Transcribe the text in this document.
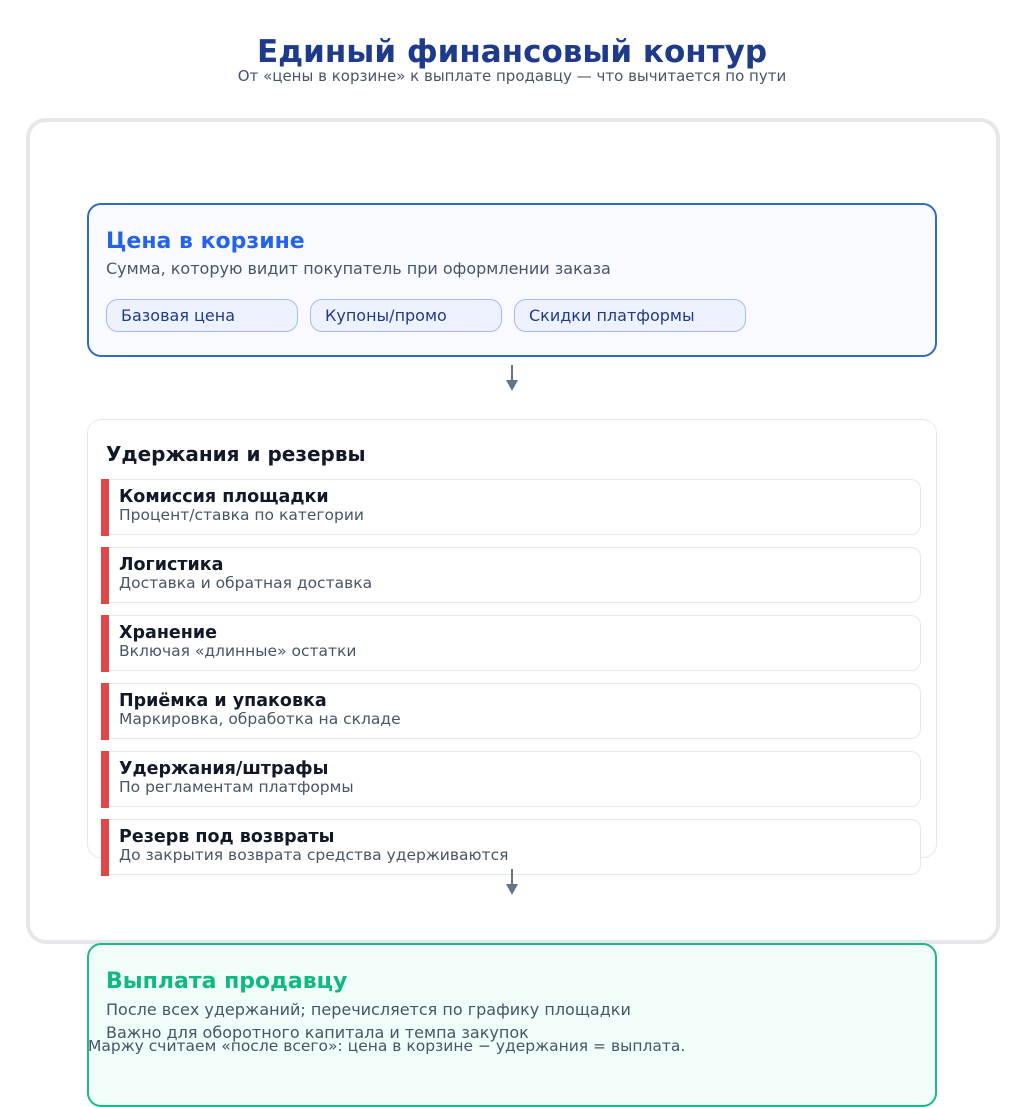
Единый финансовый контур
От «цены в корзине» к выплате продавцу — что вычитается по пути
Цена в корзине
Сумма, которую видит покупатель при оформлении заказа
Базовая цена	Купоны/промо	Скидки платформы
Удержания и резервы
Комиссия площадки
Процент/ставка по категории
Логистика
Доставка и обратная доставка
Хранение
Включая «длинные» остатки
Приёмка и упаковка
Маркировка, обработка на складе
Удержания/штрафы
По регламентам платформы
Резерв под возвраты
До закрытия возврата средства удерживаются
Выплата продавцу
После всех удержаний; перечисляется по графику площадки
Важно для оборотного капитала и темпа закупок
Маржу считаем «после всего»: цена в корзине − удержания = выплата.
